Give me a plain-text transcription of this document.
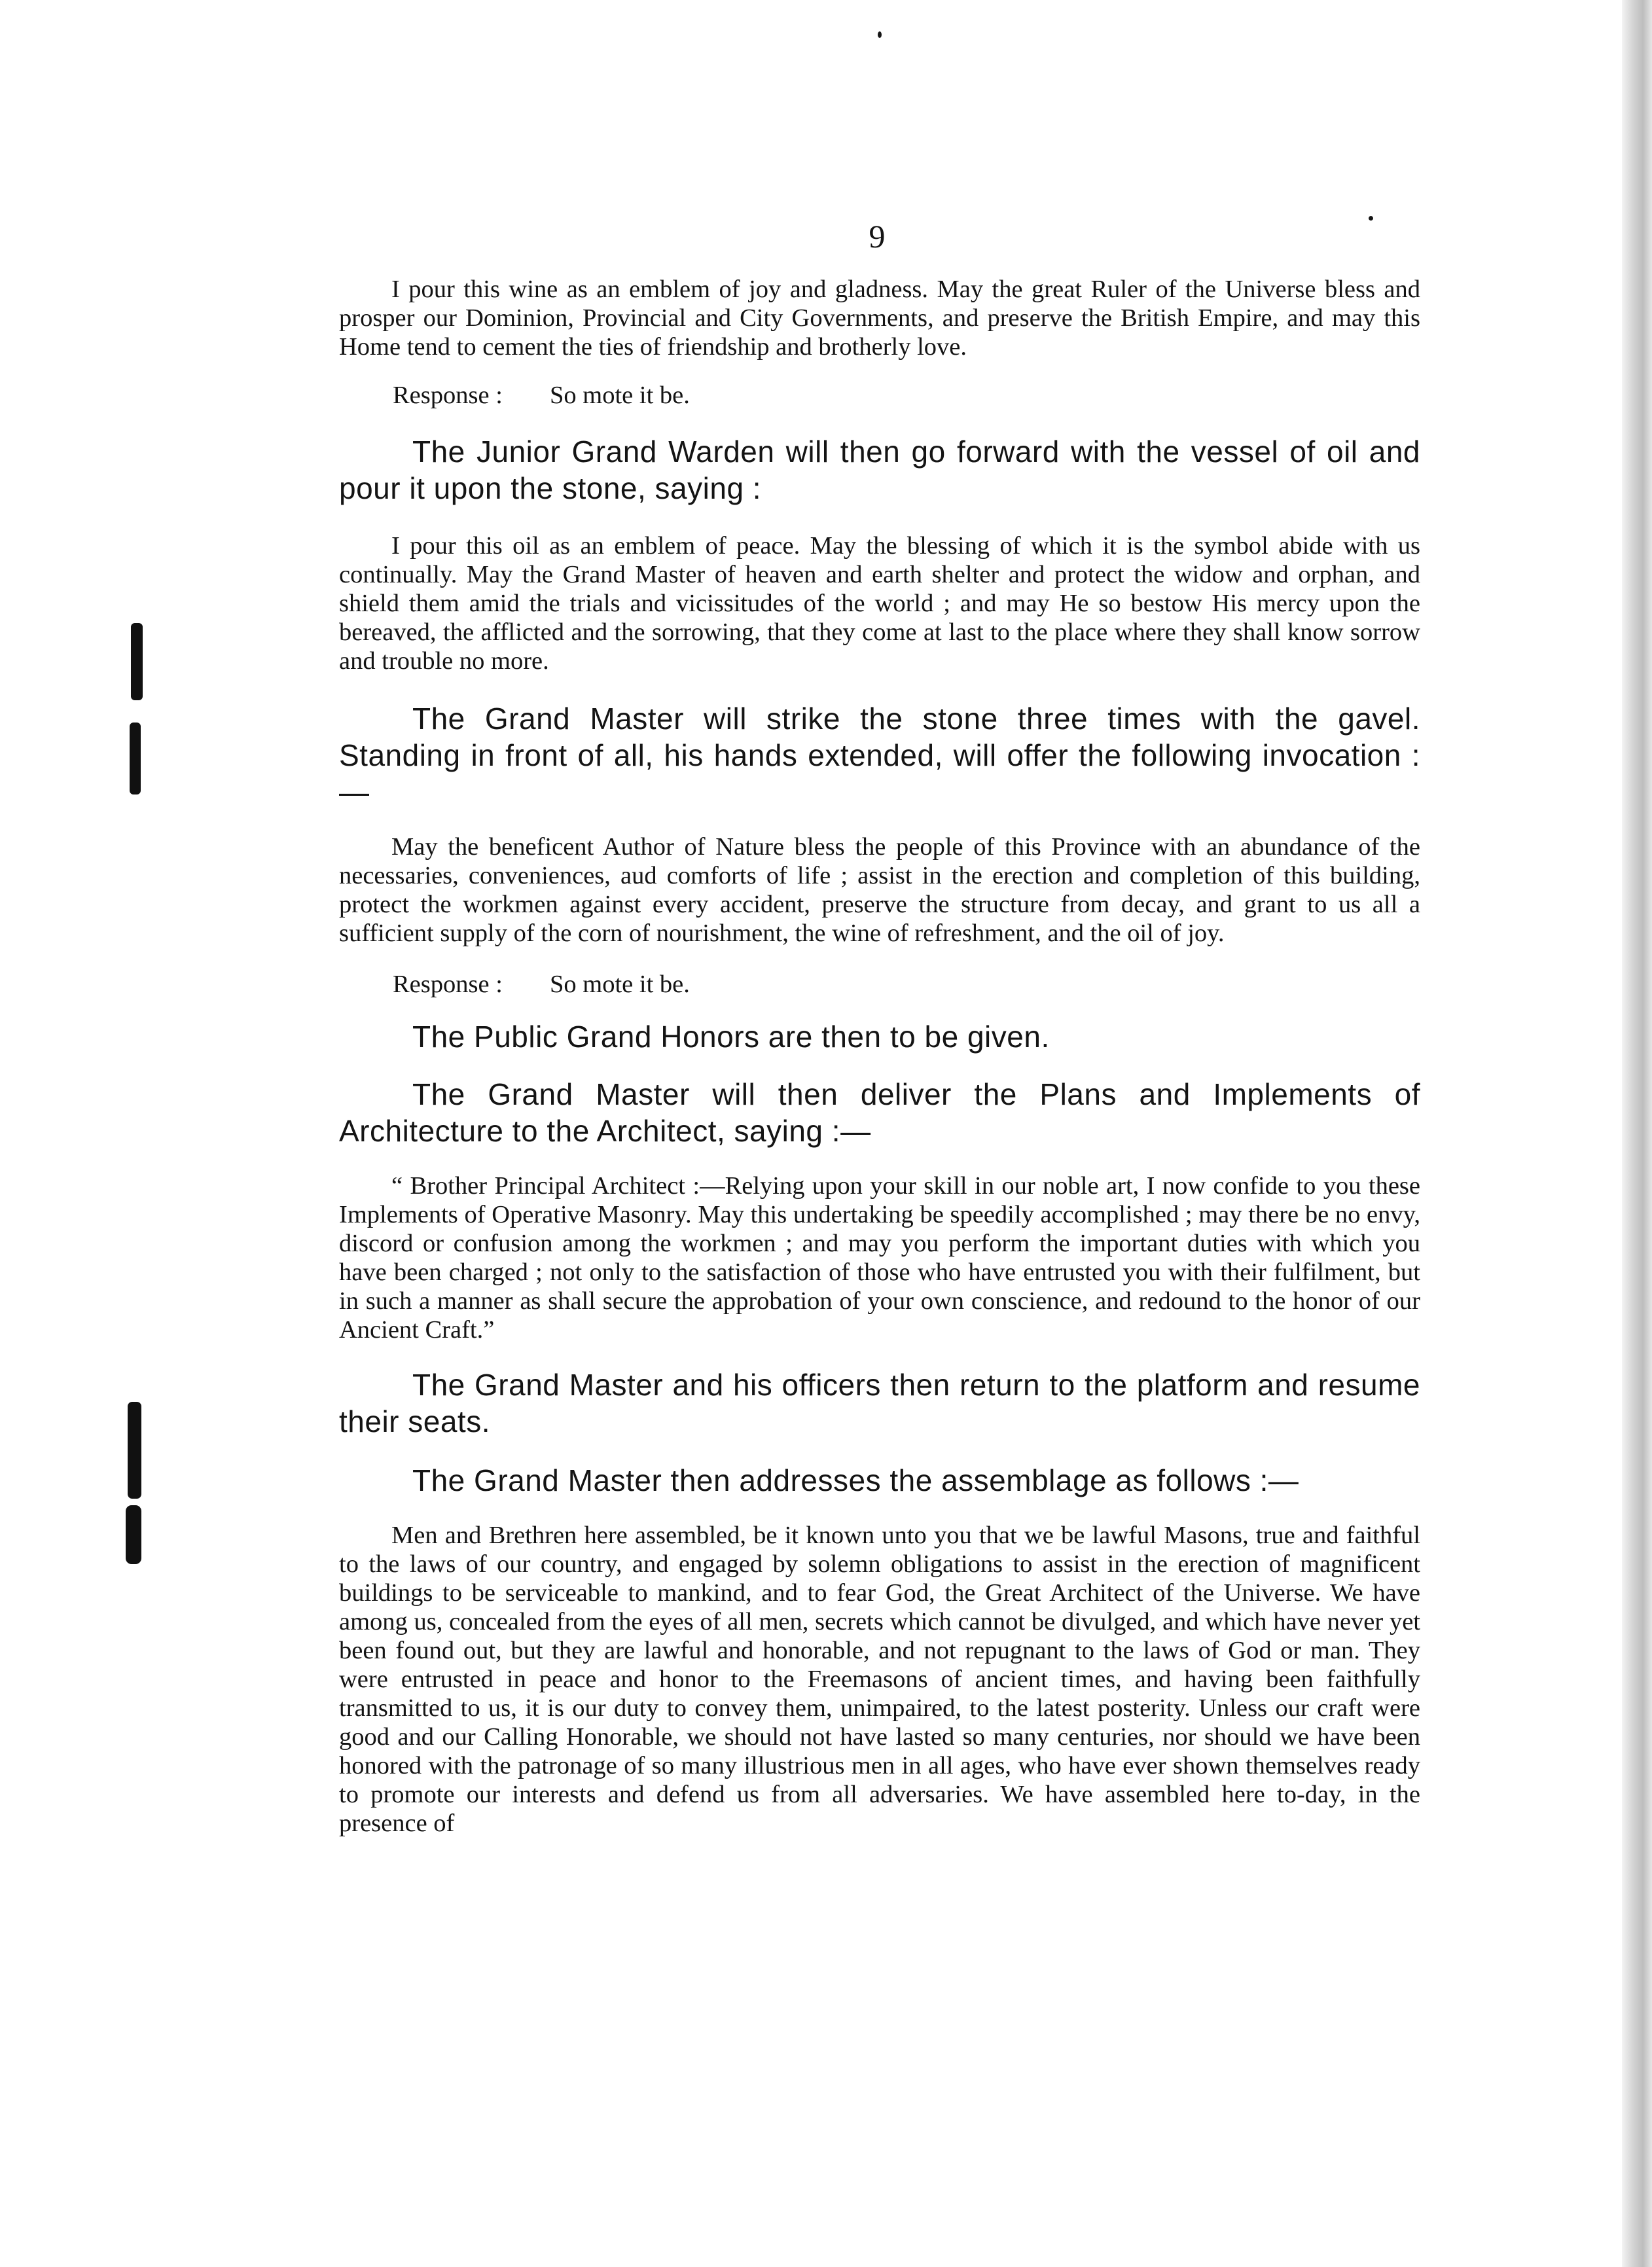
9

I pour this wine as an emblem of joy and gladness. May the great Ruler of the Universe bless and prosper our Dominion, Provincial and City Governments, and preserve the British Empire, and may this Home tend to cement the ties of friendship and brotherly love.

Response : So mote it be.

The Junior Grand Warden will then go forward with the vessel of oil and pour it upon the stone, saying :

I pour this oil as an emblem of peace. May the blessing of which it is the symbol abide with us continually. May the Grand Master of heaven and earth shelter and protect the widow and orphan, and shield them amid the trials and vicissitudes of the world ; and may He so bestow His mercy upon the bereaved, the afflicted and the sorrowing, that they come at last to the place where they shall know sorrow and trouble no more.

The Grand Master will strike the stone three times with the gavel. Standing in front of all, his hands extended, will offer the following invocation :—

May the beneficent Author of Nature bless the people of this Province with an abundance of the necessaries, conveniences, aud comforts of life ; assist in the erection and completion of this building, protect the workmen against every accident, preserve the structure from decay, and grant to us all a sufficient supply of the corn of nourishment, the wine of refreshment, and the oil of joy.

Response : So mote it be.

The Public Grand Honors are then to be given.

The Grand Master will then deliver the Plans and Implements of Architecture to the Architect, saying :—

“ Brother Principal Architect :—Relying upon your skill in our noble art, I now confide to you these Implements of Operative Masonry. May this undertaking be speedily accomplished ; may there be no envy, discord or confusion among the workmen ; and may you perform the important duties with which you have been charged ; not only to the satisfaction of those who have entrusted you with their fulfilment, but in such a manner as shall secure the approbation of your own conscience, and redound to the honor of our Ancient Craft.”

The Grand Master and his officers then return to the platform and resume their seats.

The Grand Master then addresses the assemblage as follows :—

Men and Brethren here assembled, be it known unto you that we be lawful Masons, true and faithful to the laws of our country, and engaged by solemn obligations to assist in the erection of magnificent buildings to be serviceable to mankind, and to fear God, the Great Architect of the Universe. We have among us, concealed from the eyes of all men, secrets which cannot be divulged, and which have never yet been found out, but they are lawful and honorable, and not repugnant to the laws of God or man. They were entrusted in peace and honor to the Freemasons of ancient times, and having been faithfully transmitted to us, it is our duty to convey them, unimpaired, to the latest posterity. Unless our craft were good and our Calling Honorable, we should not have lasted so many centuries, nor should we have been honored with the patronage of so many illustrious men in all ages, who have ever shown themselves ready to promote our interests and defend us from all adversaries. We have assembled here to-day, in the presence of
